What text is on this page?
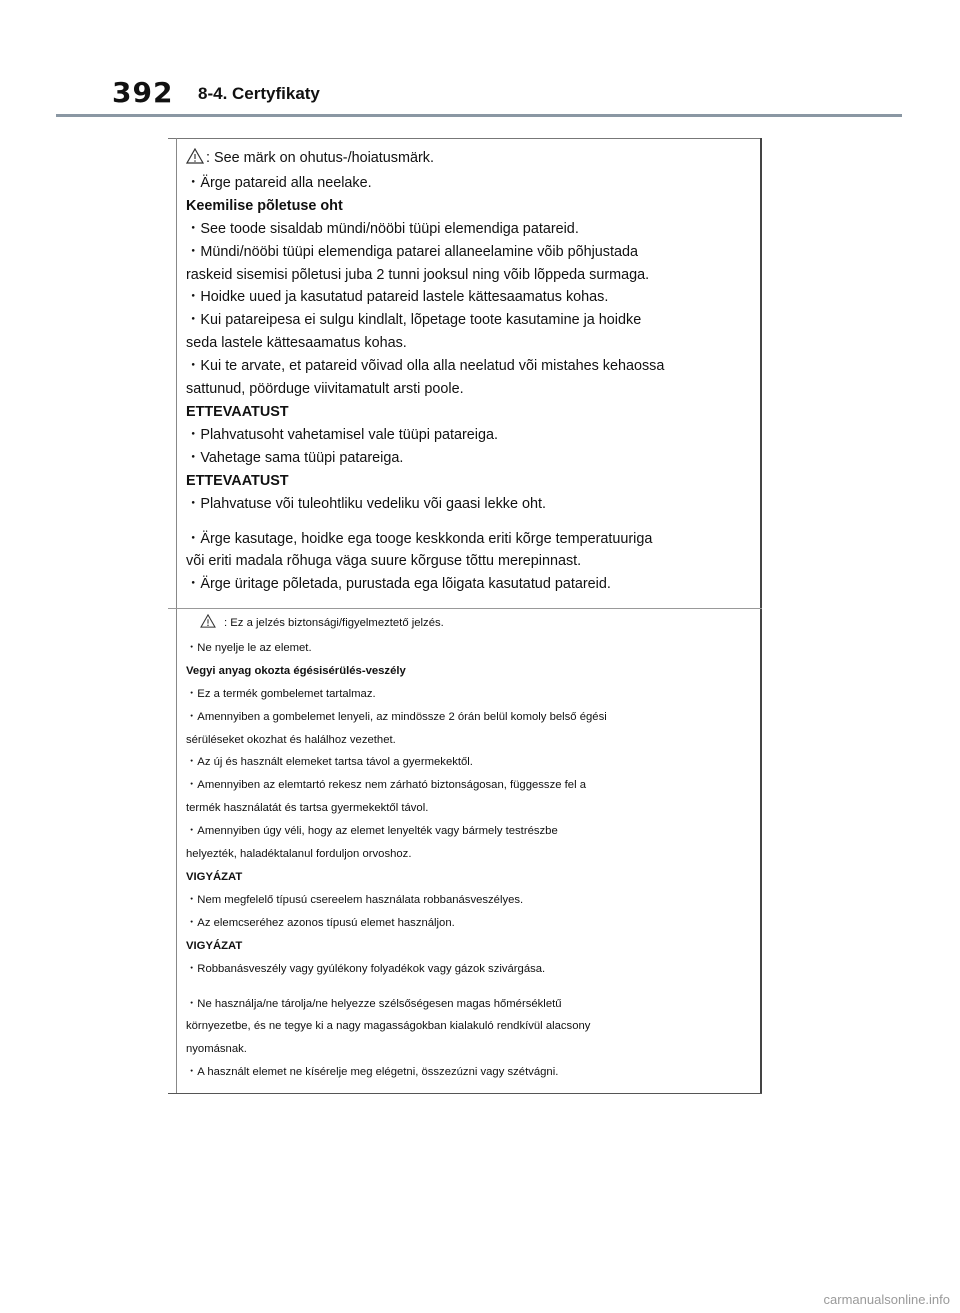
392 8-4. Certyfikaty
: See märk on ohutus-/hoiatusmärk.
・Ärge patareid alla neelake.
Keemilise põletuse oht
・See toode sisaldab mündi/nööbi tüüpi elemendiga patareid.
・Mündi/nööbi tüüpi elemendiga patarei allaneelamine võib põhjustada
raskeid sisemisi põletusi juba 2 tunni jooksul ning võib lõppeda surmaga.
・Hoidke uued ja kasutatud patareid lastele kättesaamatus kohas.
・Kui patareipesa ei sulgu kindlalt, lõpetage toote kasutamine ja hoidke
seda lastele kättesaamatus kohas.
・Kui te arvate, et patareid võivad olla alla neelatud või mistahes kehaossa
sattunud, pöörduge viivitamatult arsti poole.
ETTEVAATUST
・Plahvatusoht vahetamisel vale tüüpi patareiga.
・Vahetage sama tüüpi patareiga.
ETTEVAATUST
・Plahvatuse või tuleohtliku vedeliku või gaasi lekke oht.
・Ärge kasutage, hoidke ega tooge keskkonda eriti kõrge temperatuuriga
või eriti madala rõhuga väga suure kõrguse tõttu merepinnast.
・Ärge üritage põletada, purustada ega lõigata kasutatud patareid.
: Ez a jelzés biztonsági/figyelmeztető jelzés.
・Ne nyelje le az elemet.
Vegyi anyag okozta égésisérülés-veszély
・Ez a termék gombelemet tartalmaz.
・Amennyiben a gombelemet lenyeli, az mindössze 2 órán belül komoly belső égési
sérüléseket okozhat és halálhoz vezethet.
・Az új és használt elemeket tartsa távol a gyermekektől.
・Amennyiben az elemtartó rekesz nem zárható biztonságosan, függessze fel a
termék használatát és tartsa gyermekektől távol.
・Amennyiben úgy véli, hogy az elemet lenyelték vagy bármely testrészbe
helyezték, haladéktalanul forduljon orvoshoz.
VIGYÁZAT
・Nem megfelelő típusú csereelem használata robbanásveszélyes.
・Az elemcseréhez azonos típusú elemet használjon.
VIGYÁZAT
・Robbanásveszély vagy gyúlékony folyadékok vagy gázok szivárgása.
・Ne használja/ne tárolja/ne helyezze szélsőségesen magas hőmérsékletű
környezetbe, és ne tegye ki a nagy magasságokban kialakuló rendkívül alacsony
nyomásnak.
・A használt elemet ne kísérelje meg elégetni, összezúzni vagy szétvágni.
carmanualsonline.info
